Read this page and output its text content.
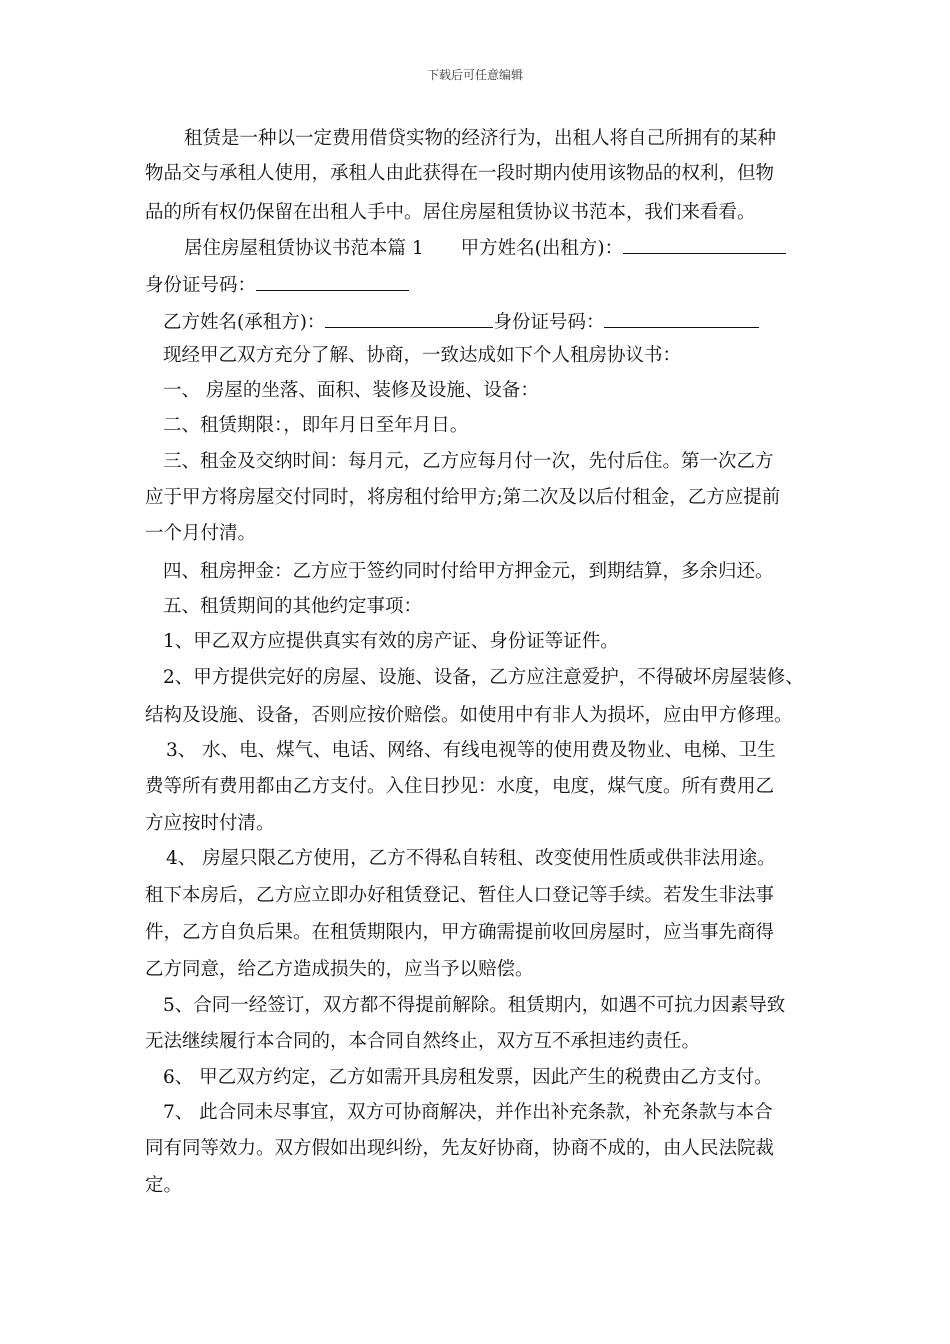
下载后可任意编辑
租赁是一种以一定费用借贷实物的经济行为，出租人将自己所拥有的某种
物品交与承租人使用，承租人由此获得在一段时期内使用该物品的权利，但物
品的所有权仍保留在出租人手中。居住房屋租赁协议书范本，我们来看看。
居住房屋租赁协议书范本篇 1　　甲方姓名(出租方)：
身份证号码：
乙方姓名(承租方)：	身份证号码：
现经甲乙双方充分了解、协商，一致达成如下个人租房协议书：
一、 房屋的坐落、面积、装修及设施、设备：
二、租赁期限：，即年月日至年月日。
三、租金及交纳时间：每月元，乙方应每月付一次，先付后住。第一次乙方
应于甲方将房屋交付同时，将房租付给甲方;第二次及以后付租金，乙方应提前
一个月付清。
四、租房押金：乙方应于签约同时付给甲方押金元，到期结算，多余归还。
五、租赁期间的其他约定事项：
1、甲乙双方应提供真实有效的房产证、身份证等证件。
2、甲方提供完好的房屋、设施、设备，乙方应注意爱护，不得破坏房屋装修、
结构及设施、设备，否则应按价赔偿。如使用中有非人为损坏，应由甲方修理。
3、 水、电、煤气、电话、网络、有线电视等的使用费及物业、电梯、卫生
费等所有费用都由乙方支付。入住日抄见：水度，电度，煤气度。所有费用乙
方应按时付清。
4、 房屋只限乙方使用，乙方不得私自转租、改变使用性质或供非法用途。
租下本房后，乙方应立即办好租赁登记、暂住人口登记等手续。若发生非法事
件，乙方自负后果。在租赁期限内，甲方确需提前收回房屋时，应当事先商得
乙方同意，给乙方造成损失的，应当予以赔偿。
5、合同一经签订，双方都不得提前解除。租赁期内，如遇不可抗力因素导致
无法继续履行本合同的，本合同自然终止，双方互不承担违约责任。
6、 甲乙双方约定，乙方如需开具房租发票，因此产生的税费由乙方支付。
7、 此合同未尽事宜，双方可协商解决，并作出补充条款，补充条款与本合
同有同等效力。双方假如出现纠纷，先友好协商，协商不成的，由人民法院裁
定。
